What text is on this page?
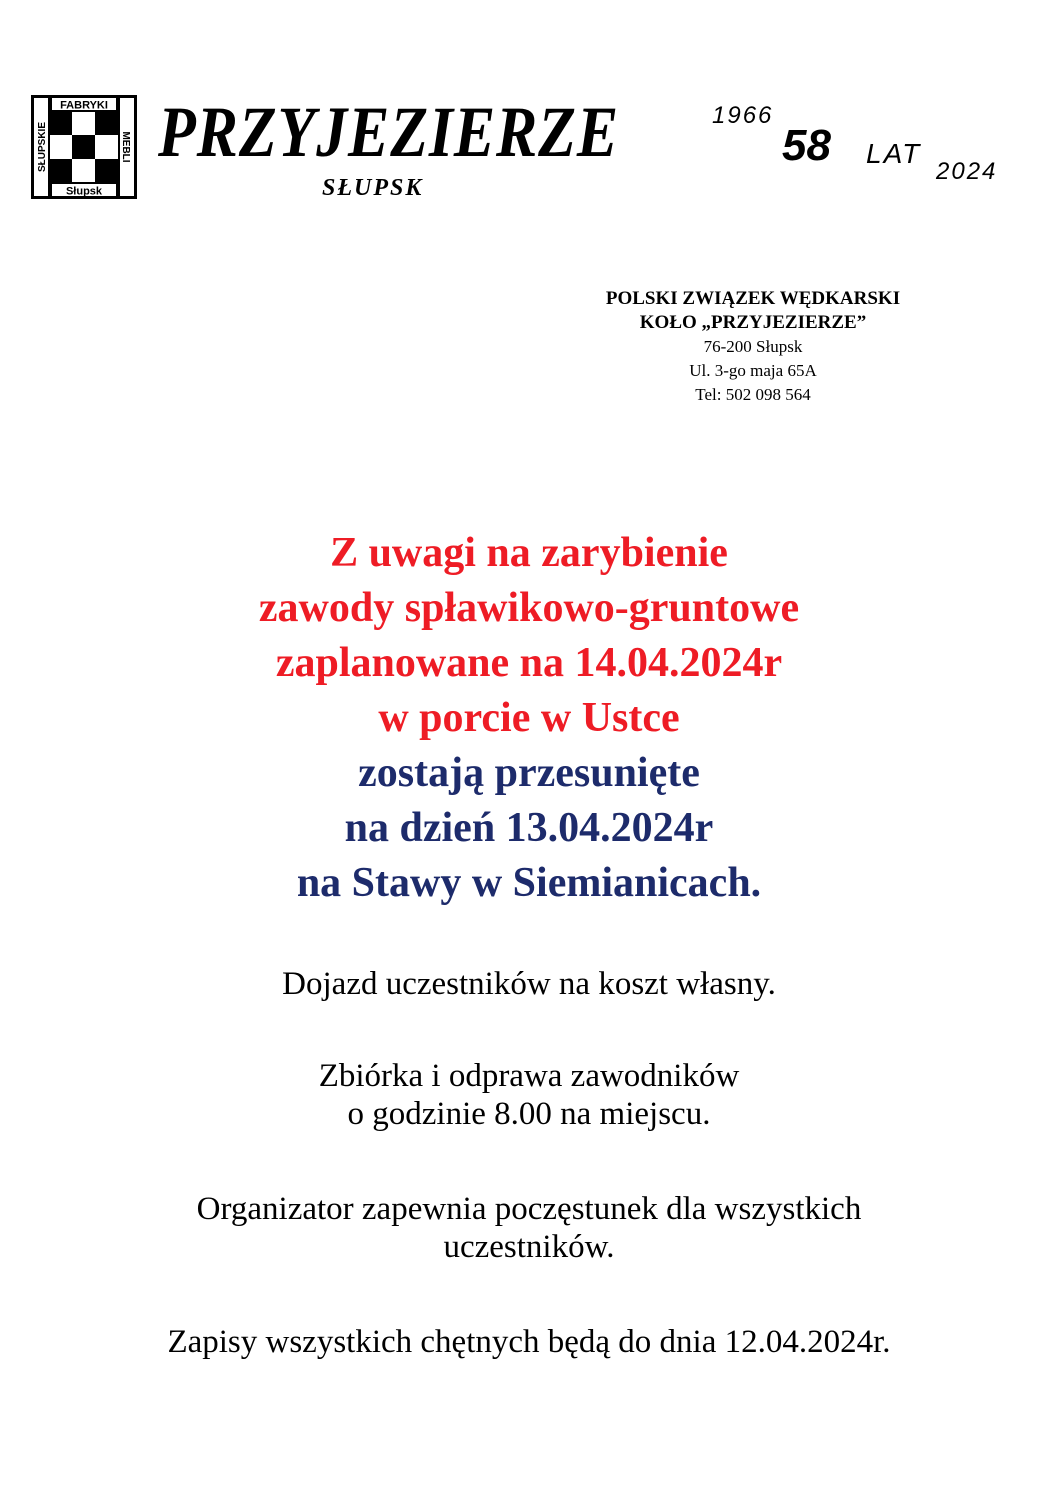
FABRYKI
Słupsk
SŁUPSKIE	MEBLI PRZYJEZIERZE
SŁUPSK
1966
58 LAT
2024
POLSKI ZWIĄZEK WĘDKARSKI
KOŁO „PRZYJEZIERZE”
76-200 Słupsk
Ul. 3-go maja 65A
Tel: 502 098 564
Z uwagi na zarybienie
zawody spławikowo-gruntowe
zaplanowane na 14.04.2024r
w porcie w Ustce
zostają przesunięte
na dzień 13.04.2024r
na Stawy w Siemianicach.
Dojazd uczestników na koszt własny.
Zbiórka i odprawa zawodników
o godzinie 8.00 na miejscu.
Organizator zapewnia poczęstunek dla wszystkich
uczestników.
Zapisy wszystkich chętnych będą do dnia 12.04.2024r.
